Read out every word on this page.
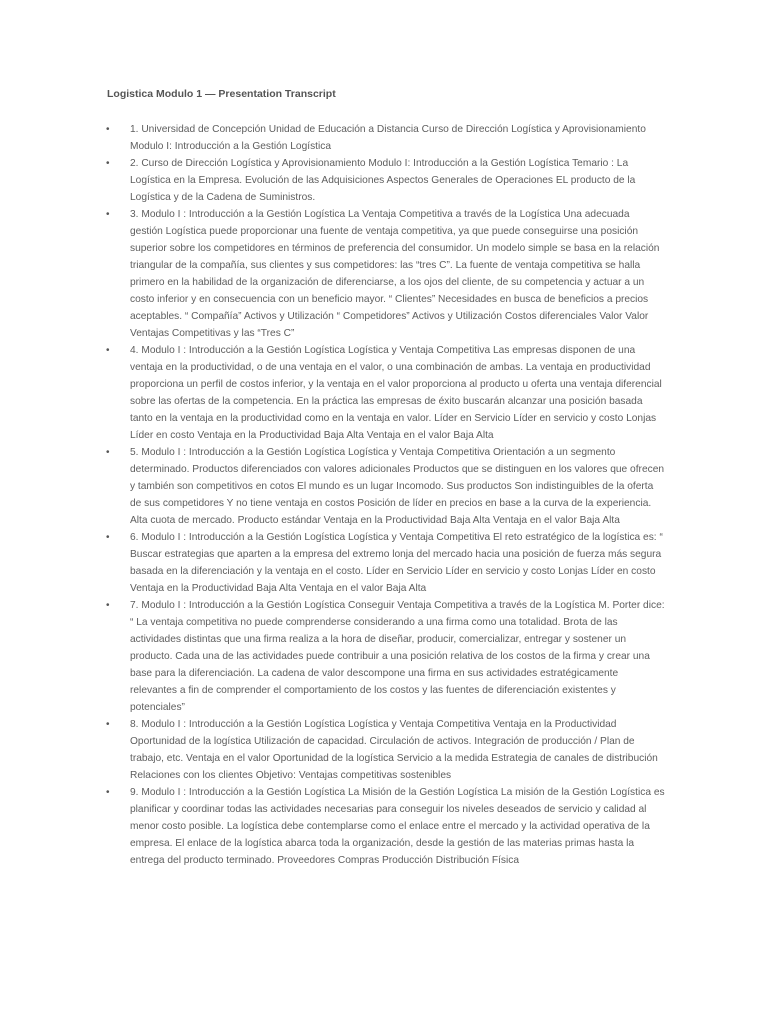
Logistica Modulo 1 — Presentation Transcript
• 1. Universidad de Concepción Unidad de Educación a Distancia Curso de Dirección Logística y Aprovisionamiento Modulo I: Introducción a la Gestión Logística
• 2. Curso de Dirección Logística y Aprovisionamiento Modulo I: Introducción a la Gestión Logística Temario : La Logística en la Empresa. Evolución de las Adquisiciones Aspectos Generales de Operaciones EL producto de la Logística y de la Cadena de Suministros.
• 3. Modulo I : Introducción a la Gestión Logística La Ventaja Competitiva a través de la Logística Una adecuada gestión Logística puede proporcionar una fuente de ventaja competitiva, ya que puede conseguirse una posición superior sobre los competidores en términos de preferencia del consumidor. Un modelo simple se basa en la relación triangular de la compañía, sus clientes y sus competidores: las “tres C”. La fuente de ventaja competitiva se halla primero en la habilidad de la organización de diferenciarse, a los ojos del cliente, de su competencia y actuar a un costo inferior y en consecuencia con un beneficio mayor. “ Clientes” Necesidades en busca de beneficios a precios aceptables. “ Compañía” Activos y Utilización “ Competidores” Activos y Utilización Costos diferenciales Valor Valor Ventajas Competitivas y las “Tres C”
• 4. Modulo I : Introducción a la Gestión Logística Logística y Ventaja Competitiva Las empresas disponen de una ventaja en la productividad, o de una ventaja en el valor, o una combinación de ambas. La ventaja en productividad proporciona un perfil de costos inferior, y la ventaja en el valor proporciona al producto u oferta una ventaja diferencial sobre las ofertas de la competencia. En la práctica las empresas de éxito buscarán alcanzar una posición basada tanto en la ventaja en la productividad como en la ventaja en valor. Líder en Servicio Líder en servicio y costo Lonjas Líder en costo Ventaja en la Productividad Baja Alta Ventaja en el valor Baja Alta
• 5. Modulo I : Introducción a la Gestión Logística Logística y Ventaja Competitiva Orientación a un segmento determinado. Productos diferenciados con valores adicionales Productos que se distinguen en los valores que ofrecen y también son competitivos en cotos El mundo es un lugar Incomodo. Sus productos Son indistinguibles de la oferta de sus competidores Y no tiene ventaja en costos Posición de líder en precios en base a la curva de la experiencia. Alta cuota de mercado. Producto estándar Ventaja en la Productividad Baja Alta Ventaja en el valor Baja Alta
• 6. Modulo I : Introducción a la Gestión Logística Logística y Ventaja Competitiva El reto estratégico de la logística es: “ Buscar estrategias que aparten a la empresa del extremo lonja del mercado hacia una posición de fuerza más segura basada en la diferenciación y la ventaja en el costo. Líder en Servicio Líder en servicio y costo Lonjas Líder en costo Ventaja en la Productividad Baja Alta Ventaja en el valor Baja Alta
• 7. Modulo I : Introducción a la Gestión Logística Conseguir Ventaja Competitiva a través de la Logística M. Porter dice: “ La ventaja competitiva no puede comprenderse considerando a una firma como una totalidad. Brota de las actividades distintas que una firma realiza a la hora de diseñar, producir, comercializar, entregar y sostener un producto. Cada una de las actividades puede contribuir a una posición relativa de los costos de la firma y crear una base para la diferenciación. La cadena de valor descompone una firma en sus actividades estratégicamente relevantes a fin de comprender el comportamiento de los costos y las fuentes de diferenciación existentes y potenciales”
• 8. Modulo I : Introducción a la Gestión Logística Logística y Ventaja Competitiva Ventaja en la Productividad Oportunidad de la logística Utilización de capacidad. Circulación de activos. Integración de producción / Plan de trabajo, etc. Ventaja en el valor Oportunidad de la logística Servicio a la medida Estrategia de canales de distribución Relaciones con los clientes Objetivo: Ventajas competitivas sostenibles
• 9. Modulo I : Introducción a la Gestión Logística La Misión de la Gestión Logística La misión de la Gestión Logística es planificar y coordinar todas las actividades necesarias para conseguir los niveles deseados de servicio y calidad al menor costo posible. La logística debe contemplarse como el enlace entre el mercado y la actividad operativa de la empresa. El enlace de la logística abarca toda la organización, desde la gestión de las materias primas hasta la entrega del producto terminado. Proveedores Compras Producción Distribución Física
